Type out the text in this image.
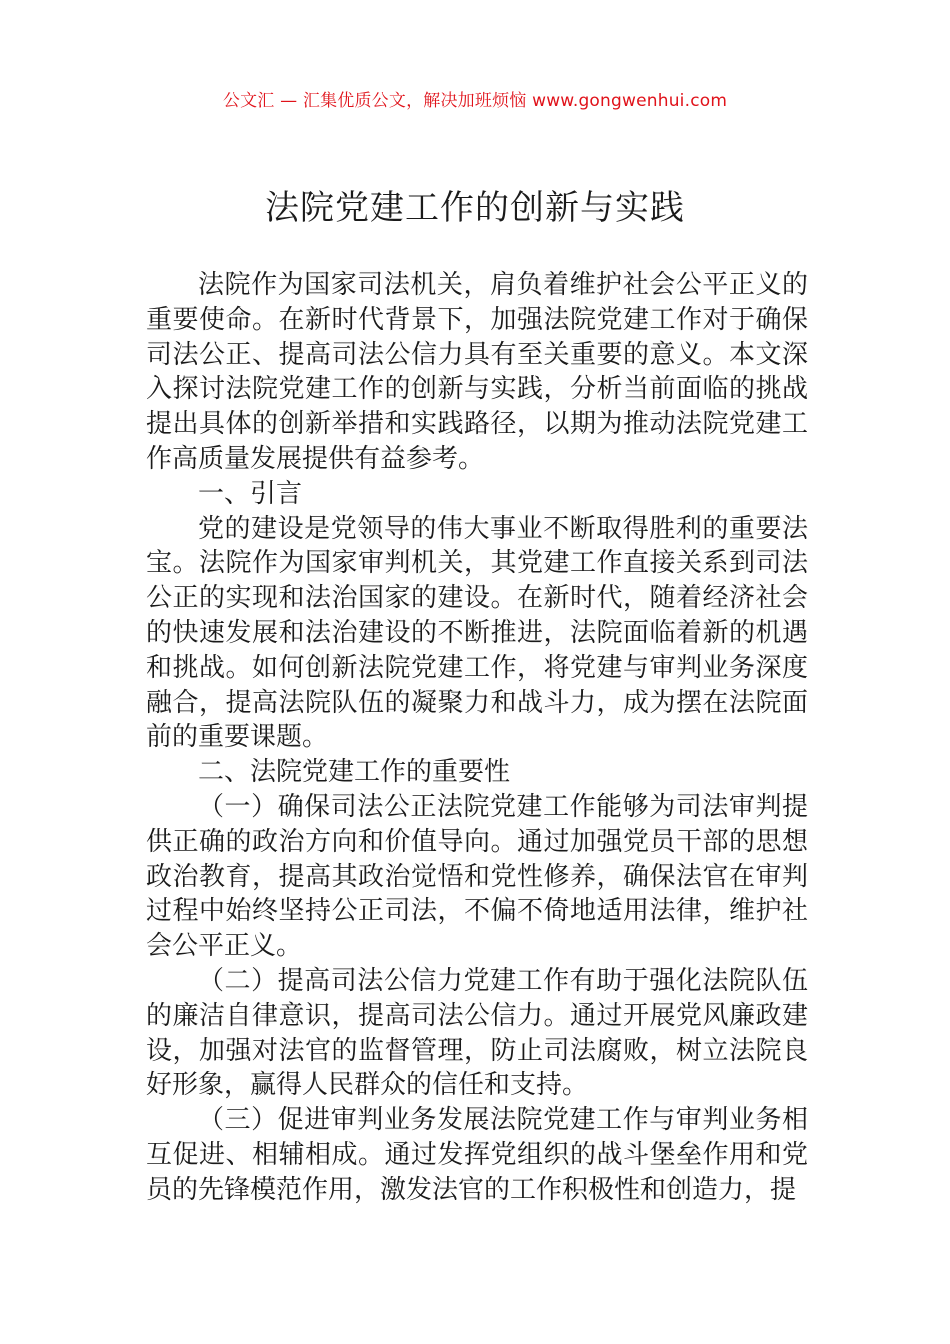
公文汇 — 汇集优质公文，解决加班烦恼 www.gongwenhui.com
法院党建工作的创新与实践

法院作为国家司法机关，肩负着维护社会公平正义的重要使命。在新时代背景下，加强法院党建工作对于确保司法公正、提高司法公信力具有至关重要的意义。本文深入探讨法院党建工作的创新与实践，分析当前面临的挑战提出具体的创新举措和实践路径，以期为推动法院党建工作高质量发展提供有益参考。

一、引言

党的建设是党领导的伟大事业不断取得胜利的重要法宝。法院作为国家审判机关，其党建工作直接关系到司法公正的实现和法治国家的建设。在新时代，随着经济社会的快速发展和法治建设的不断推进，法院面临着新的机遇和挑战。如何创新法院党建工作，将党建与审判业务深度融合，提高法院队伍的凝聚力和战斗力，成为摆在法院面前的重要课题。

二、法院党建工作的重要性

（一）确保司法公正法院党建工作能够为司法审判提供正确的政治方向和价值导向。通过加强党员干部的思想政治教育，提高其政治觉悟和党性修养，确保法官在审判过程中始终坚持公正司法，不偏不倚地适用法律，维护社会公平正义。

（二）提高司法公信力党建工作有助于强化法院队伍的廉洁自律意识，提高司法公信力。通过开展党风廉政建设，加强对法官的监督管理，防止司法腐败，树立法院良好形象，赢得人民群众的信任和支持。

（三）促进审判业务发展法院党建工作与审判业务相互促进、相辅相成。通过发挥党组织的战斗堡垒作用和党员的先锋模范作用，激发法官的工作积极性和创造力，提
